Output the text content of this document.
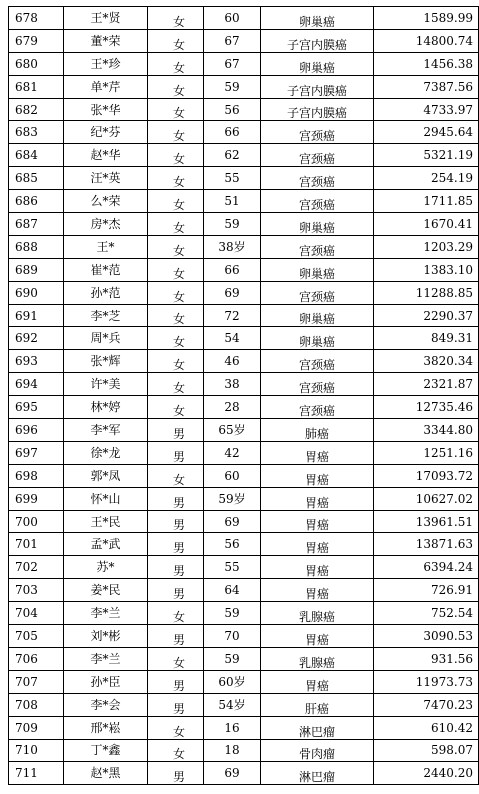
678	王*贤	女	60	卵巢癌	1589.99
679	董*荣	女	67	子宫内膜癌	14800.74
680	王*珍	女	67	卵巢癌	1456.38
681	单*芹	女	59	子宫内膜癌	7387.56
682	张*华	女	56	子宫内膜癌	4733.97
683	纪*芬	女	66	宫颈癌	2945.64
684	赵*华	女	62	宫颈癌	5321.19
685	汪*英	女	55	宫颈癌	254.19
686	么*荣	女	51	宫颈癌	1711.85
687	房*杰	女	59	卵巢癌	1670.41
688	王*	女	38岁	宫颈癌	1203.29
689	崔*范	女	66	卵巢癌	1383.10
690	孙*范	女	69	宫颈癌	11288.85
691	李*芝	女	72	卵巢癌	2290.37
692	周*兵	女	54	卵巢癌	849.31
693	张*辉	女	46	宫颈癌	3820.34
694	许*美	女	38	宫颈癌	2321.87
695	林*婷	女	28	宫颈癌	12735.46
696	李*军	男	65岁	肺癌	3344.80
697	徐*龙	男	42	胃癌	1251.16
698	郭*凤	女	60	胃癌	17093.72
699	怀*山	男	59岁	胃癌	10627.02
700	王*民	男	69	胃癌	13961.51
701	孟*武	男	56	胃癌	13871.63
702	苏*	男	55	胃癌	6394.24
703	姜*民	男	64	胃癌	726.91
704	李*兰	女	59	乳腺癌	752.54
705	刘*彬	男	70	胃癌	3090.53
706	李*兰	女	59	乳腺癌	931.56
707	孙*臣	男	60岁	胃癌	11973.73
708	李*会	男	54岁	肝癌	7470.23
709	邢*崧	女	16	淋巴瘤	610.42
710	丁*鑫	女	18	骨肉瘤	598.07
711	赵*黑	男	69	淋巴瘤	2440.20
